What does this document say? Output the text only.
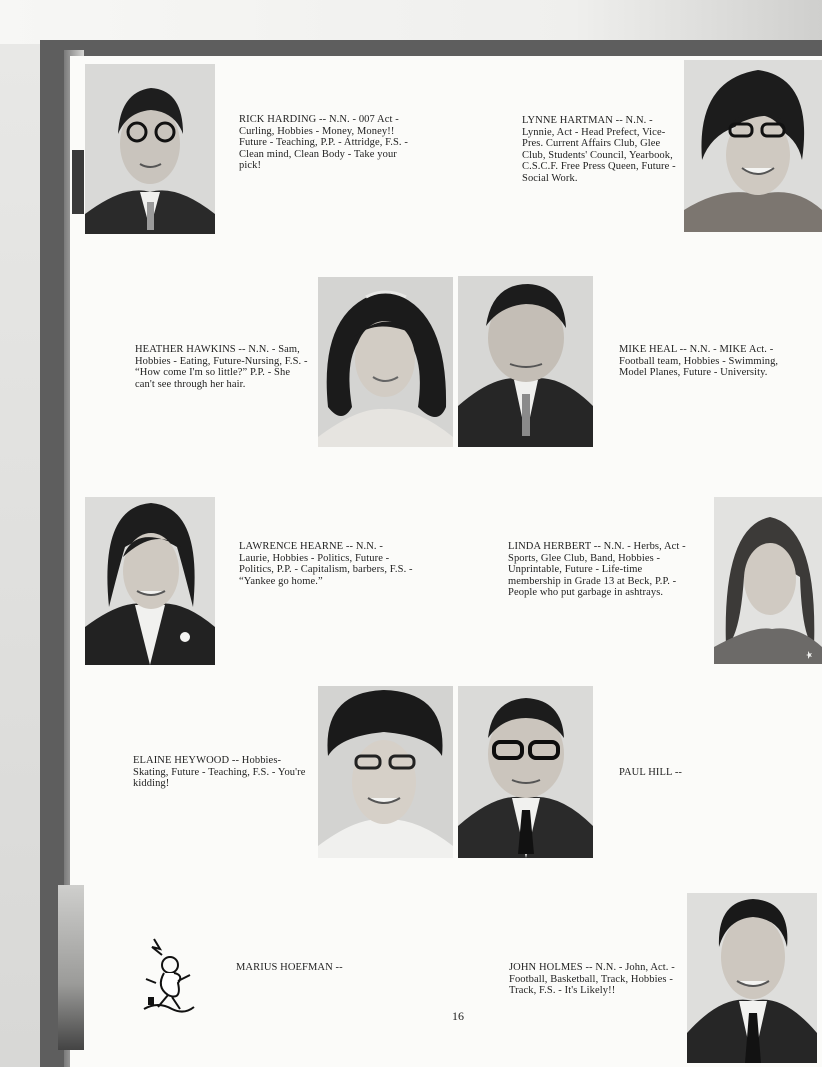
RICK HARDING -- N.N. - 007 Act - Curling, Hobbies - Money, Money!! Future - Teaching, P.P. - Attridge, F.S. - Clean mind, Clean Body - Take your pick!
LYNNE HARTMAN -- N.N. - Lynnie, Act - Head Prefect, Vice-Pres. Current Affairs Club, Glee Club, Students' Council, Yearbook, C.S.C.F. Free Press Queen, Future - Social Work.
HEATHER HAWKINS -- N.N. - Sam, Hobbies - Eating, Future-Nursing, F.S. - “How come I'm so little?” P.P. - She can't see through her hair.
MIKE HEAL -- N.N. - MIKE Act. - Football team, Hobbies - Swimming, Model Planes, Future - University.
LAWRENCE HEARNE -- N.N. - Laurie, Hobbies - Politics, Future - Politics, P.P. - Capitalism, barbers, F.S. - “Yankee go home.”
LINDA HERBERT -- N.N. - Herbs, Act - Sports, Glee Club, Band, Hobbies - Unprintable, Future - Life-time membership in Grade 13 at Beck, P.P. - People who put garbage in ashtrays.
ELAINE HEYWOOD -- Hobbies-Skating, Future - Teaching, F.S. - You're kidding!
PAUL HILL --
MARIUS HOEFMAN --	JOHN HOLMES -- N.N. - John, Act. - Football, Basketball, Track, Hobbies - Track, F.S. - It's Likely!!
16
